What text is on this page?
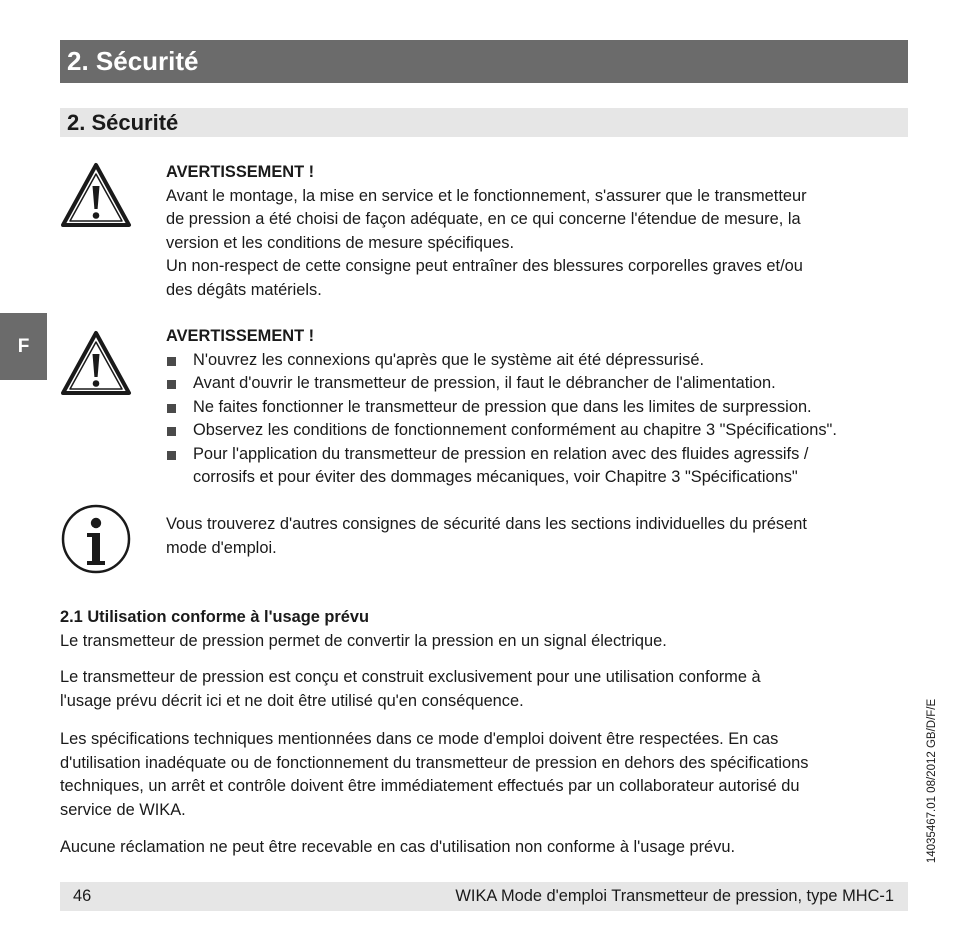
2. Sécurité
2. Sécurité
F
AVERTISSEMENT !
Avant le montage, la mise en service et le fonctionnement, s'assurer que le transmetteur
de pression a été choisi de façon adéquate, en ce qui concerne l'étendue de mesure, la
version et les conditions de mesure spécifiques.
Un non-respect de cette consigne peut entraîner des blessures corporelles graves et/ou
des dégâts matériels.
AVERTISSEMENT !
N'ouvrez les connexions qu'après que le système ait été dépressurisé.
Avant d'ouvrir le transmetteur de pression, il faut le débrancher de l'alimentation.
Ne faites fonctionner le transmetteur de pression que dans les limites de surpression.
Observez les conditions de fonctionnement conformément au chapitre 3 "Spécifications".
Pour l'application du transmetteur de pression en relation avec des fluides agressifs /
corrosifs et pour éviter des dommages mécaniques, voir Chapitre 3 "Spécifications"
Vous trouverez d'autres consignes de sécurité dans les sections individuelles du présent
mode d'emploi.
2.1 Utilisation conforme à l'usage prévu

Le transmetteur de pression permet de convertir la pression en un signal électrique.

Le transmetteur de pression est conçu et construit exclusivement pour une utilisation conforme à
l'usage prévu décrit ici et ne doit être utilisé qu'en conséquence.
Les spécifications techniques mentionnées dans ce mode d'emploi doivent être respectées. En cas
d'utilisation inadéquate ou de fonctionnement du transmetteur de pression en dehors des spécifications
techniques, un arrêt et contrôle doivent être immédiatement effectués par un collaborateur autorisé du
service de WIKA.
Aucune réclamation ne peut être recevable en cas d'utilisation non conforme à l'usage prévu.
46	WIKA Mode d'emploi Transmetteur de pression, type MHC-1
14035467.01 08/2012 GB/D/F/E
